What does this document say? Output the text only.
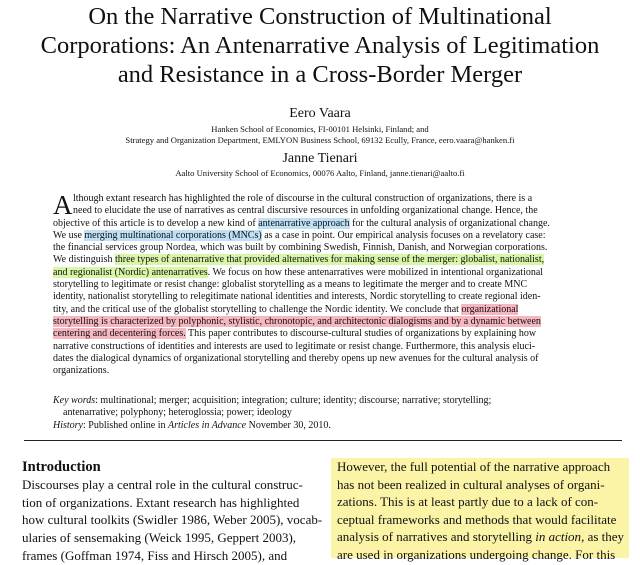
On the Narrative Construction of Multinational
Corporations: An Antenarrative Analysis of Legitimation
and Resistance in a Cross-Border Merger
Eero Vaara
Hanken School of Economics, FI-00101 Helsinki, Finland; and
Strategy and Organization Department, EMLYON Business School, 69132 Ecully, France, eero.vaara@hanken.fi
Janne Tienari
Aalto University School of Economics, 00076 Aalto, Finland, janne.tienari@aalto.fi
A lthough extant research has highlighted the role of discourse in the cultural construction of organizations, there is a
need to elucidate the use of narratives as central discursive resources in unfolding organizational change. Hence, the
objective of this article is to develop a new kind of antenarrative approach for the cultural analysis of organizational change.
We use merging multinational corporations (MNCs) as a case in point. Our empirical analysis focuses on a revelatory case:
the financial services group Nordea, which was built by combining Swedish, Finnish, Danish, and Norwegian corporations.
We distinguish three types of antenarrative that provided alternatives for making sense of the merger: globalist, nationalist,
and regionalist (Nordic) antenarratives. We focus on how these antenarratives were mobilized in intentional organizational
storytelling to legitimate or resist change: globalist storytelling as a means to legitimate the merger and to create MNC
identity, nationalist storytelling to relegitimate national identities and interests, Nordic storytelling to create regional iden-
tity, and the critical use of the globalist storytelling to challenge the Nordic identity. We conclude that organizational
storytelling is characterized by polyphonic, stylistic, chronotopic, and architectonic dialogisms and by a dynamic between
centering and decentering forces. This paper contributes to discourse-cultural studies of organizations by explaining how
narrative constructions of identities and interests are used to legitimate or resist change. Furthermore, this analysis eluci-
dates the dialogical dynamics of organizational storytelling and thereby opens up new avenues for the cultural analysis of
organizations.
Key words: multinational; merger; acquisition; integration; culture; identity; discourse; narrative; storytelling;
antenarrative; polyphony; heteroglossia; power; ideology
History: Published online in Articles in Advance November 30, 2010.
Introduction
Discourses play a central role in the cultural construc-
tion of organizations. Extant research has highlighted
how cultural toolkits (Swidler 1986, Weber 2005), vocab-
ularies of sensemaking (Weick 1995, Geppert 2003),
frames (Goffman 1974, Fiss and Hirsch 2005), and
However, the full potential of the narrative approach
has not been realized in cultural analyses of organi-
zations. This is at least partly due to a lack of con-
ceptual frameworks and methods that would facilitate
analysis of narratives and storytelling in action, as they
are used in organizations undergoing change. For this
